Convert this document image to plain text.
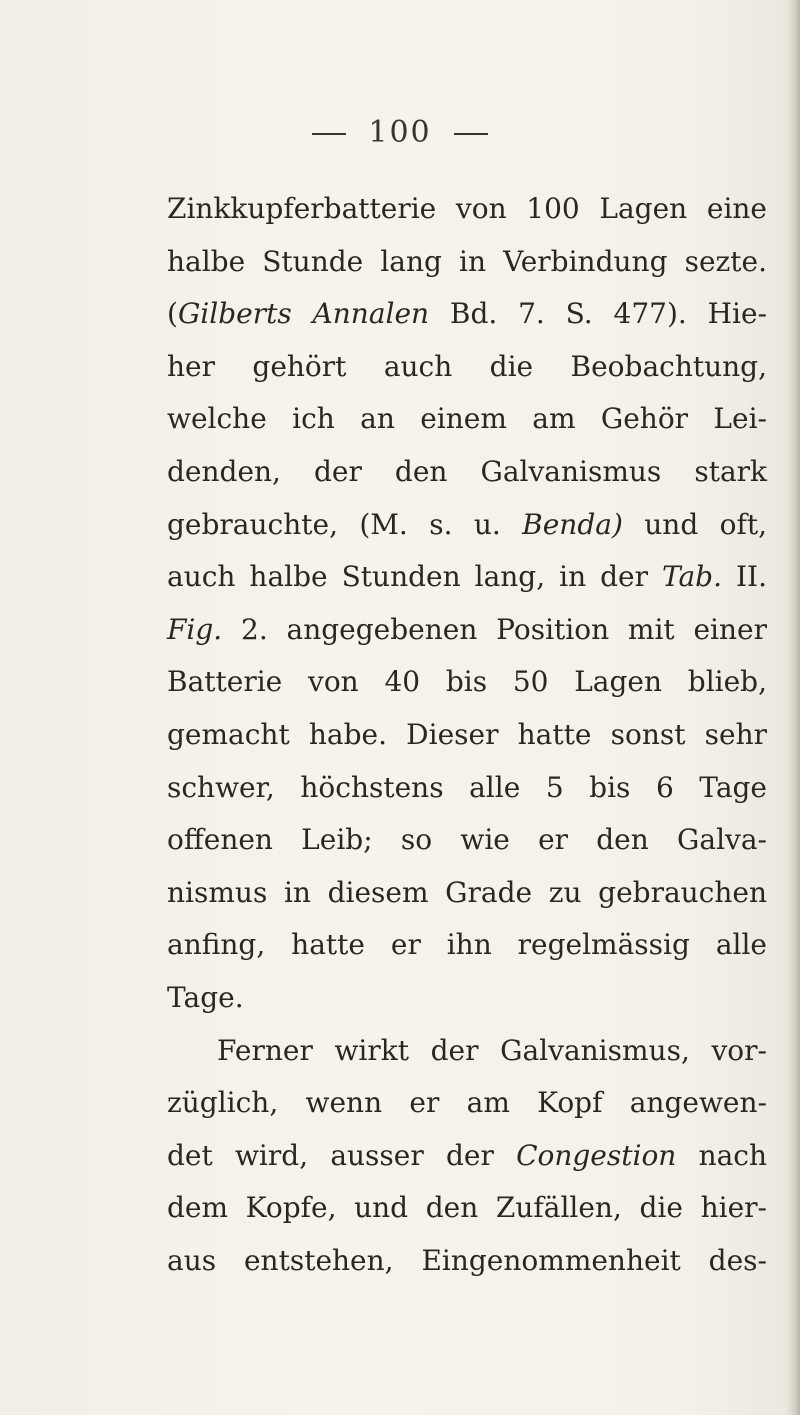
100
Zinkkupferbatterie von 100 Lagen eine
halbe Stunde lang in Verbindung sezte.
(Gilberts Annalen Bd. 7. S. 477). Hie-
her gehört auch die Beobachtung,
welche ich an einem am Gehör Lei-
denden, der den Galvanismus stark
gebrauchte, (M. s. u. Benda) und oft,
auch halbe Stunden lang, in der Tab. II.
Fig. 2. angegebenen Position mit einer
Batterie von 40 bis 50 Lagen blieb,
gemacht habe. Dieser hatte sonst sehr
schwer, höchstens alle 5 bis 6 Tage
offenen Leib; so wie er den Galva-
nismus in diesem Grade zu gebrauchen
anfing, hatte er ihn regelmässig alle
Tage.
Ferner wirkt der Galvanismus, vor-
züglich, wenn er am Kopf angewen-
det wird, ausser der Congestion nach
dem Kopfe, und den Zufällen, die hier-
aus entstehen, Eingenommenheit des-
